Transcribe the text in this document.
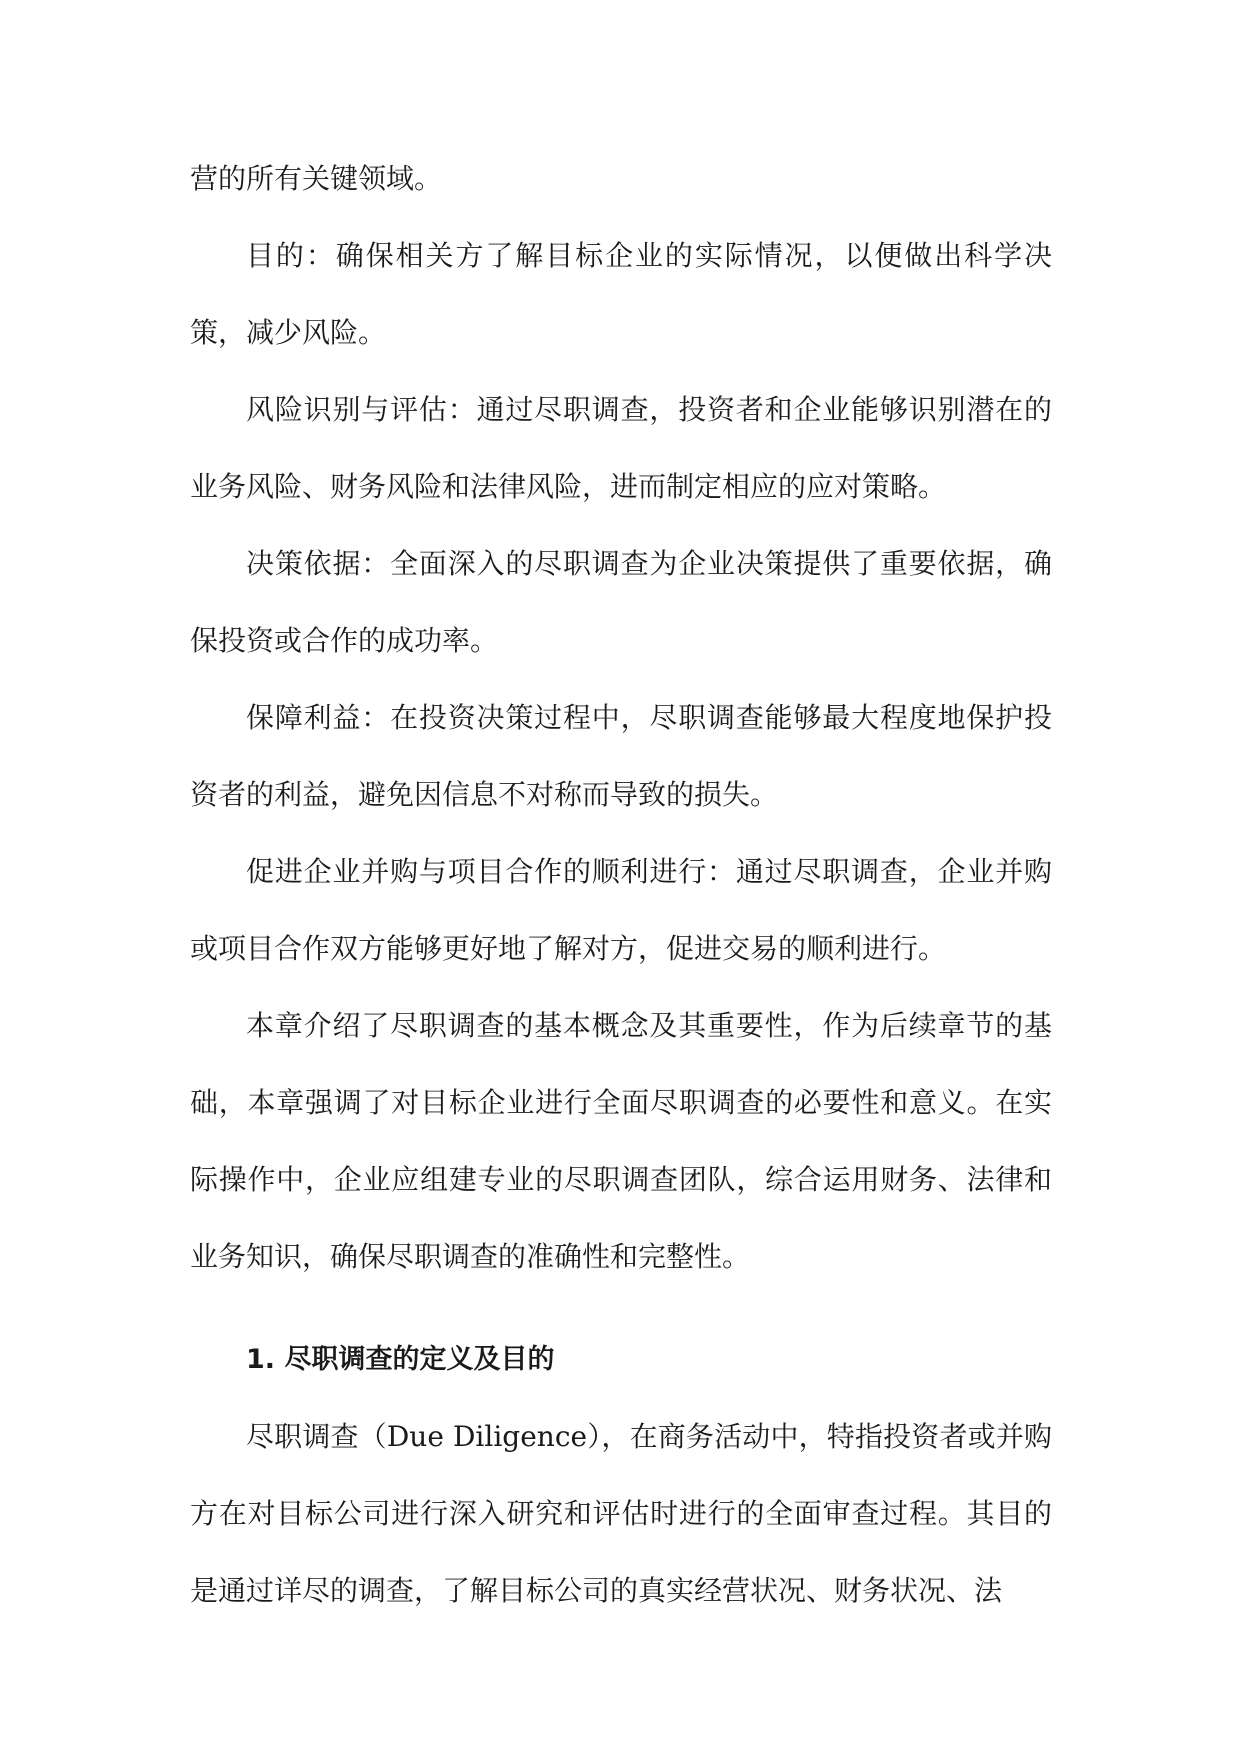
营的所有关键领域。

目的：确保相关方了解目标企业的实际情况，以便做出科学决策，减少风险。

风险识别与评估：通过尽职调查，投资者和企业能够识别潜在的业务风险、财务风险和法律风险，进而制定相应的应对策略。

决策依据：全面深入的尽职调查为企业决策提供了重要依据，确保投资或合作的成功率。

保障利益：在投资决策过程中，尽职调查能够最大程度地保护投资者的利益，避免因信息不对称而导致的损失。

促进企业并购与项目合作的顺利进行：通过尽职调查，企业并购或项目合作双方能够更好地了解对方，促进交易的顺利进行。

本章介绍了尽职调查的基本概念及其重要性，作为后续章节的基础，本章强调了对目标企业进行全面尽职调查的必要性和意义。在实际操作中，企业应组建专业的尽职调查团队，综合运用财务、法律和业务知识，确保尽职调查的准确性和完整性。

1. 尽职调查的定义及目的

尽职调查（Due Diligence），在商务活动中，特指投资者或并购方在对目标公司进行深入研究和评估时进行的全面审查过程。其目的是通过详尽的调查，了解目标公司的真实经营状况、财务状况、法
